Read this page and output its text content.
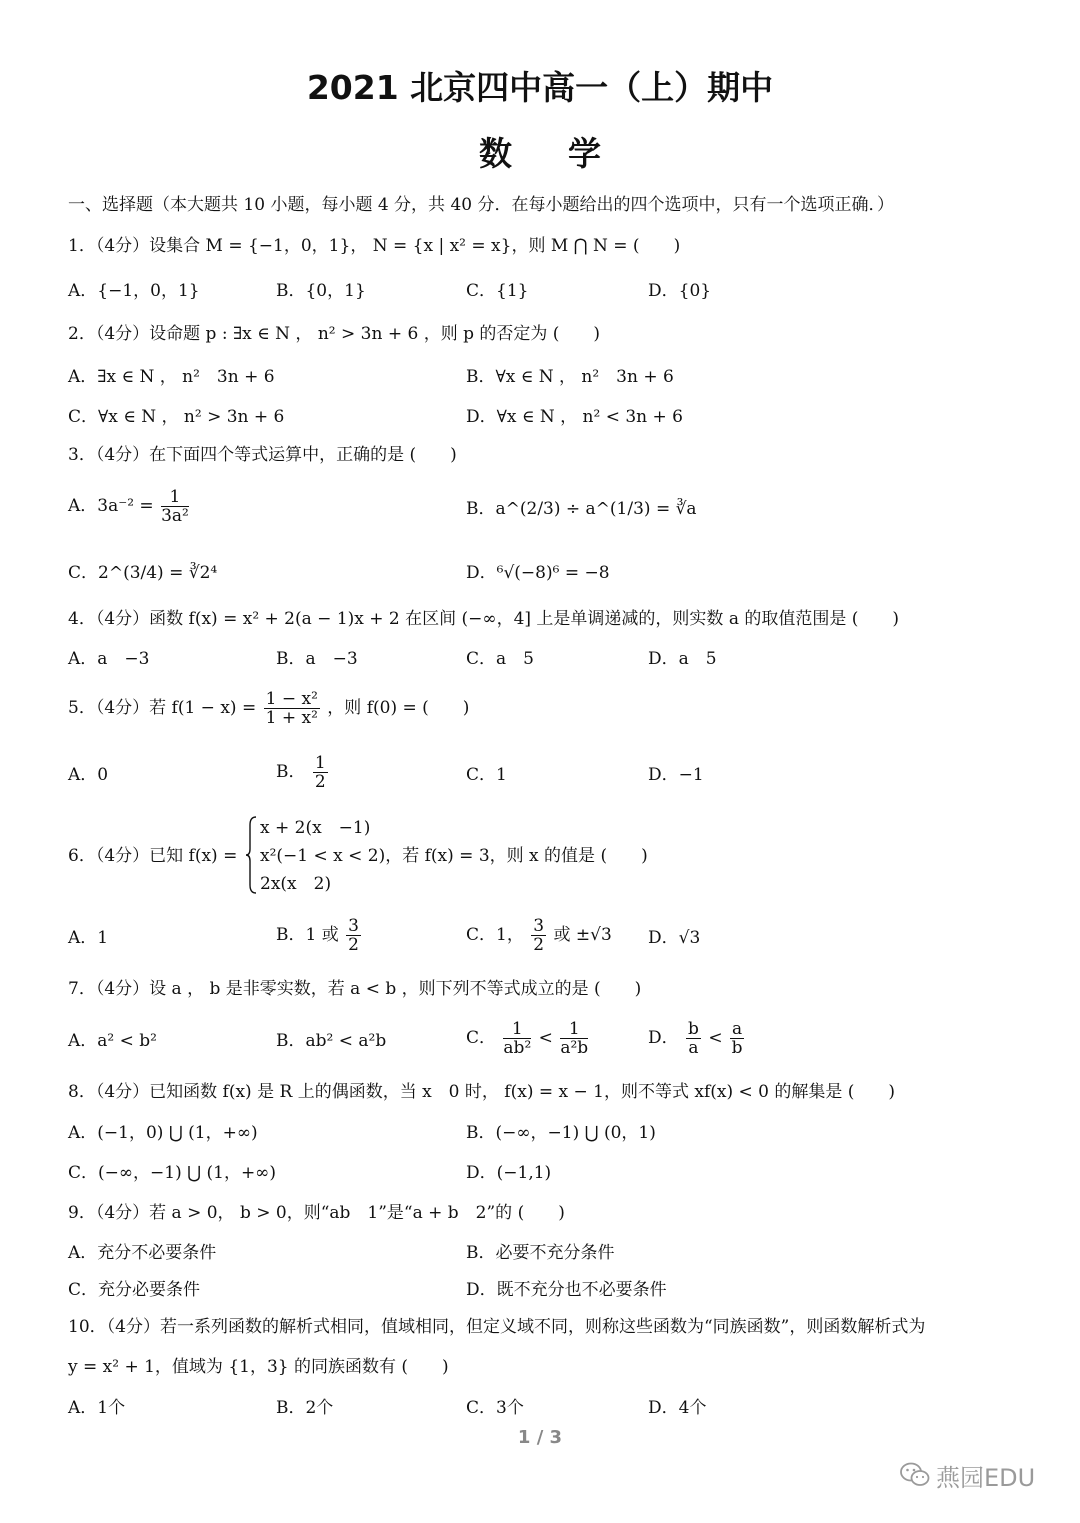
2021 北京四中高一（上）期中
数学
一、选择题（本大题共 10 小题，每小题 4 分，共 40 分．在每小题给出的四个选项中，只有一个选项正确．）
1．（4分）设集合 M = {−1，0，1}， N = {x | x² = x}，则 M ⋂ N = (　　)
A．{−1，0，1}	B．{0，1}	C．{1}	D．{0}
2．（4分）设命题 p : ∃x ∈ N ， n² > 3n + 6 ，则 p 的否定为 (　　)
A．∃x ∈ N ， n²　3n + 6	B．∀x ∈ N ， n²　3n + 6
C．∀x ∈ N ， n² > 3n + 6	D．∀x ∈ N ， n² < 3n + 6
3．（4分）在下面四个等式运算中，正确的是 (　　)
A．$3a^{-2} = \frac{1}{\text{3a²}}$	B．a^(2/3) ÷ a^(1/3) = ∛a
C．2^(3/4) = ∛2⁴	D．⁶√(−8)⁶ = −8
4．（4分）函数 f(x) = x² + 2(a − 1)x + 2 在区间 (−∞，4] 上是单调递减的，则实数 a 的取值范围是 (　　)
A．a　−3	B．a　−3	C．a　5	D．a　5
5．（4分）若 $f(1 - x) = \frac{\text{1 − x²}}{\text{1 + x²}}$ ，则 f(0) = (　　)
A．0	B． $\frac{1}{2}$	C．1	D．−1
6．（4分）已知 f(x) =
x + 2(x　−1)
x²(−1 < x < 2)，若 f(x) = 3，则 x 的值是 (　　)
2x(x　2)
A．1	B．1 或 $\frac{3}{2}$	C．1， $\frac{3}{2}$ 或 ±√3 D．√3
7．（4分）设 a ， b 是非零实数，若 a < b ，则下列不等式成立的是 (　　)
A．a² < b²	B．ab² < a²b	C． $\frac{1}{\text{ab²}} < \frac{1}{\text{a²b}}$	D． $\frac{b}{a} < \frac{a}{b}$
8．（4分）已知函数 f(x) 是 R 上的偶函数，当 x　0 时， f(x) = x − 1，则不等式 xf(x) < 0 的解集是 (　　)
A．(−1，0) ⋃ (1，+∞)	B．(−∞，−1) ⋃ (0，1)
C．(−∞，−1) ⋃ (1，+∞)	D．(−1,1)
9．（4分）若 a > 0， b > 0，则“ab　1”是“a + b　2”的 (　　)
A．充分不必要条件	B．必要不充分条件
C．充分必要条件	D．既不充分也不必要条件
10．（4分）若一系列函数的解析式相同，值域相同，但定义域不同，则称这些函数为“同族函数”，则函数解析式为
y = x² + 1，值域为 {1，3} 的同族函数有 (　　)
A．1个	B．2个	C．3个	D．4个
1 / 3
燕园EDU
